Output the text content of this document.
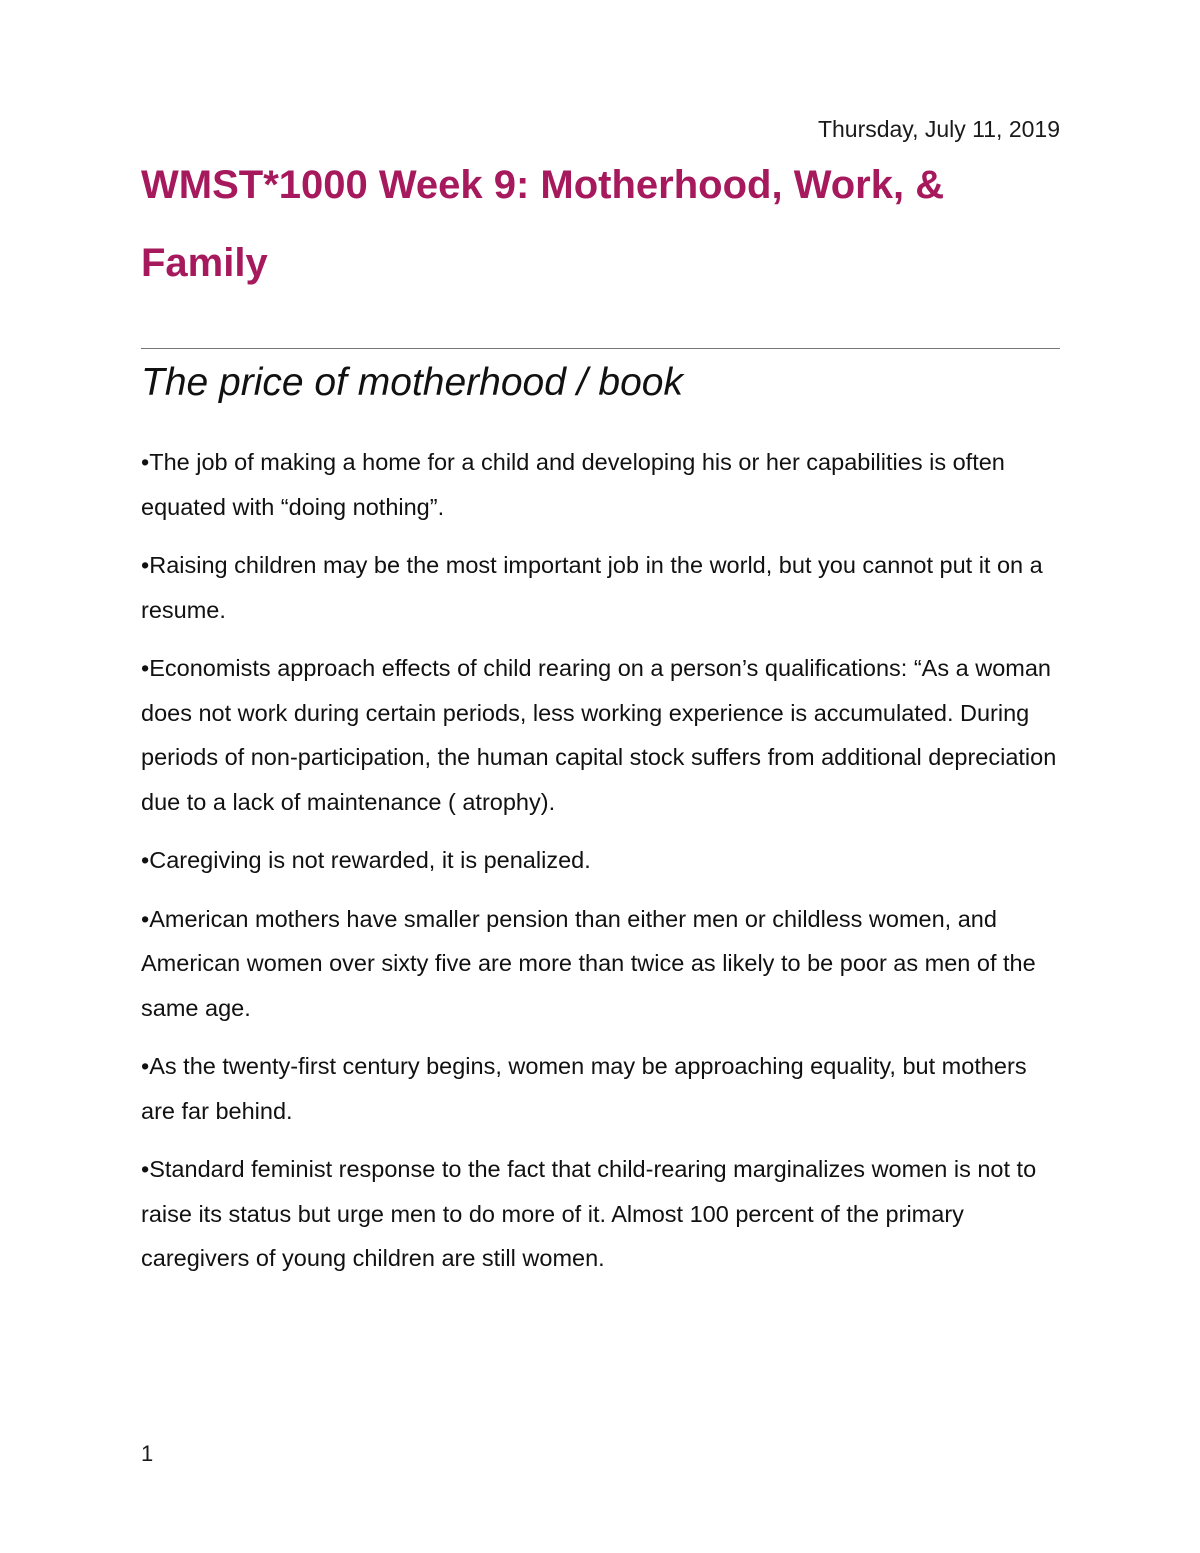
Thursday, July 11, 2019
WMST*1000 Week 9: Motherhood, Work, & Family
The price of motherhood / book
•The job of making a home for a child and developing his or her capabilities is often equated with “doing nothing”.
•Raising children may be the most important job in the world, but you cannot put it on a resume.
•Economists approach effects of child rearing on a person’s qualifications: “As a woman does not work during certain periods, less working experience is accumulated. During periods of non-participation, the human capital stock suffers from additional depreciation due to a lack of maintenance ( atrophy).
•Caregiving is not rewarded, it is penalized.
•American mothers have smaller pension than either men or childless women, and American women over sixty five are more than twice as likely to be poor as men of the same age.
•As the twenty-first century begins, women may be approaching equality, but mothers are far behind.
•Standard feminist response to the fact that child-rearing marginalizes women is not to raise its status but urge men to do more of it. Almost 100 percent of the primary caregivers of young children are still women.
1
